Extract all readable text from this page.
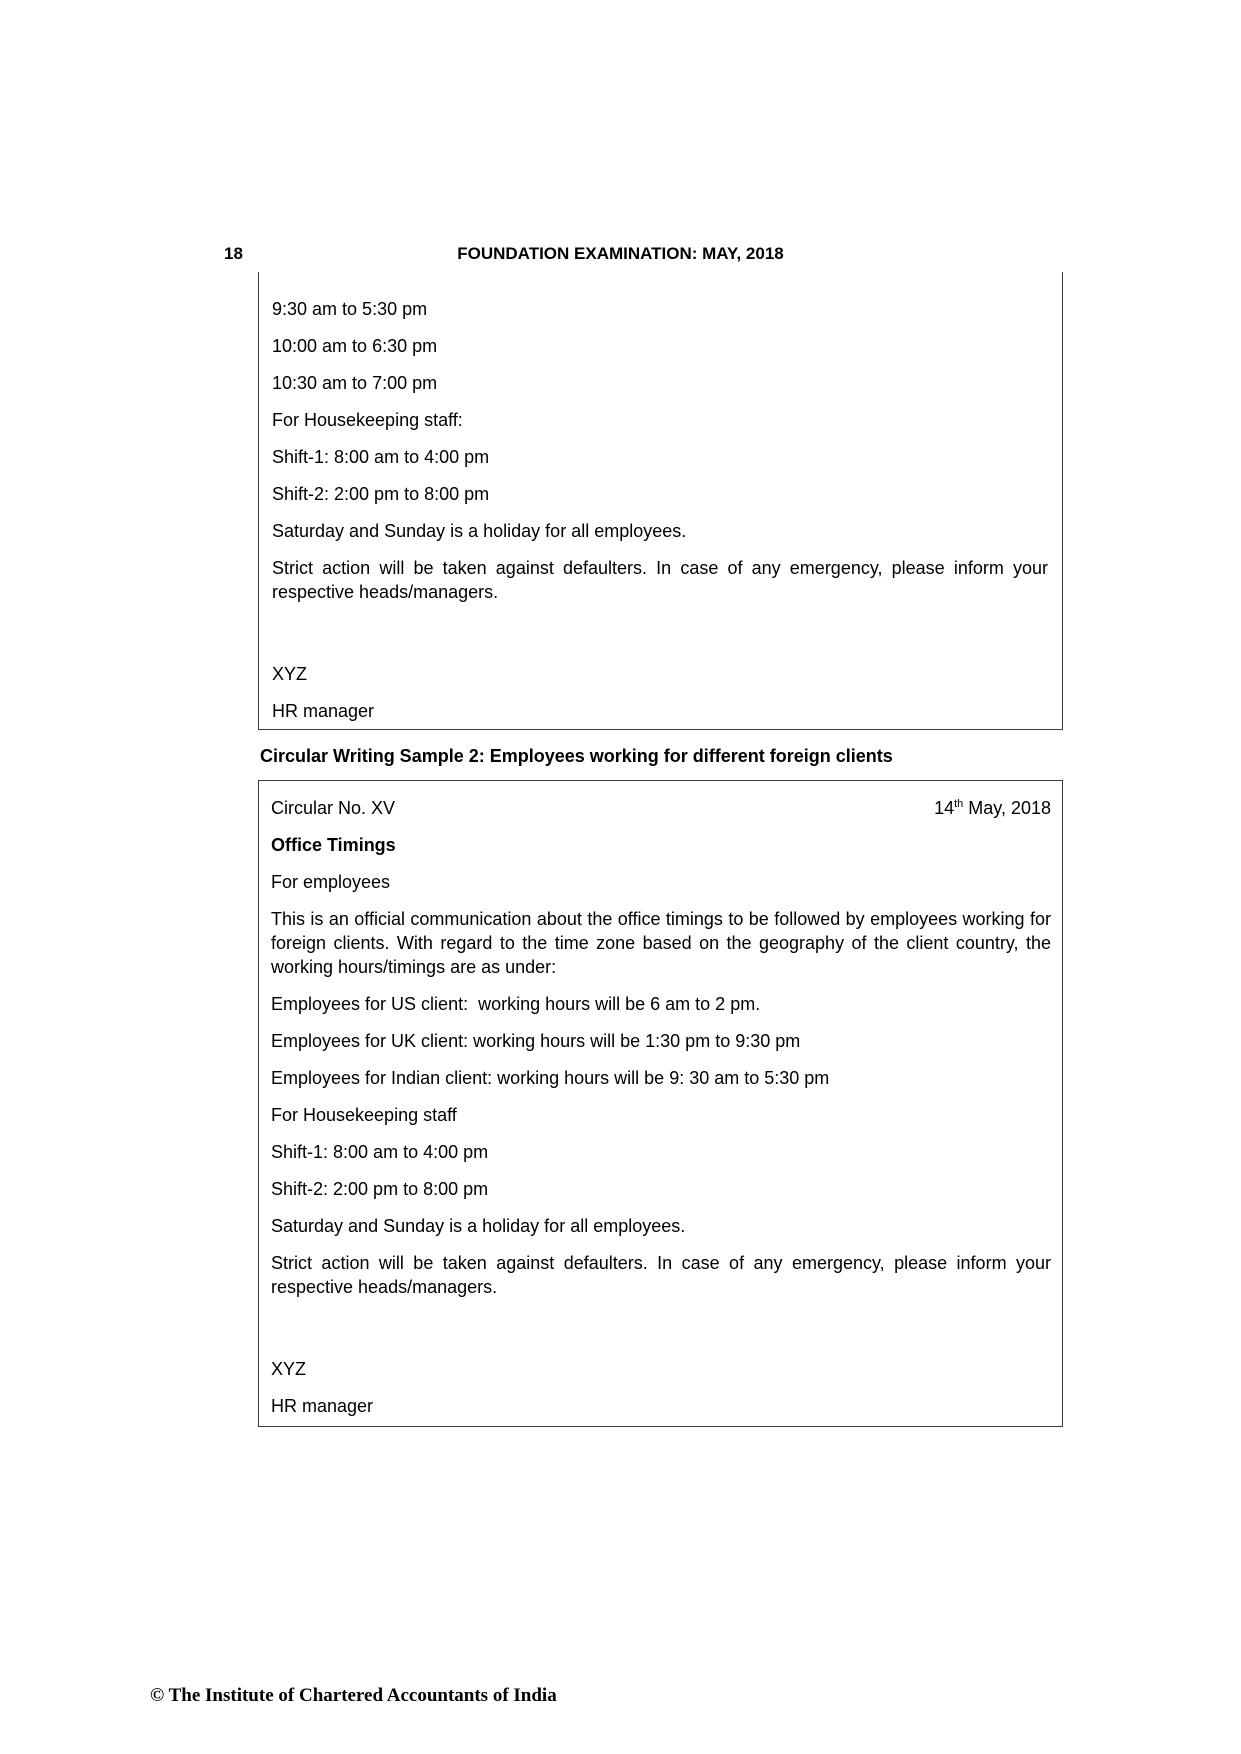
18	FOUNDATION EXAMINATION: MAY, 2018

9:30 am to 5:30 pm

10:00 am to 6:30 pm

10:30 am to 7:00 pm

For Housekeeping staff:

Shift-1: 8:00 am to 4:00 pm

Shift-2: 2:00 pm to 8:00 pm

Saturday and Sunday is a holiday for all employees.

Strict action will be taken against defaulters. In case of any emergency, please inform your respective heads/managers.

XYZ

HR manager

Circular Writing Sample 2: Employees working for different foreign clients

Circular No. XV	14th May, 2018

Office Timings

For employees

This is an official communication about the office timings to be followed by employees working for foreign clients. With regard to the time zone based on the geography of the client country, the working hours/timings are as under:

Employees for US client:  working hours will be 6 am to 2 pm.

Employees for UK client: working hours will be 1:30 pm to 9:30 pm

Employees for Indian client: working hours will be 9: 30 am to 5:30 pm

For Housekeeping staff

Shift-1: 8:00 am to 4:00 pm

Shift-2: 2:00 pm to 8:00 pm

Saturday and Sunday is a holiday for all employees.

Strict action will be taken against defaulters. In case of any emergency, please inform your respective heads/managers.

XYZ

HR manager

© The Institute of Chartered Accountants of India
